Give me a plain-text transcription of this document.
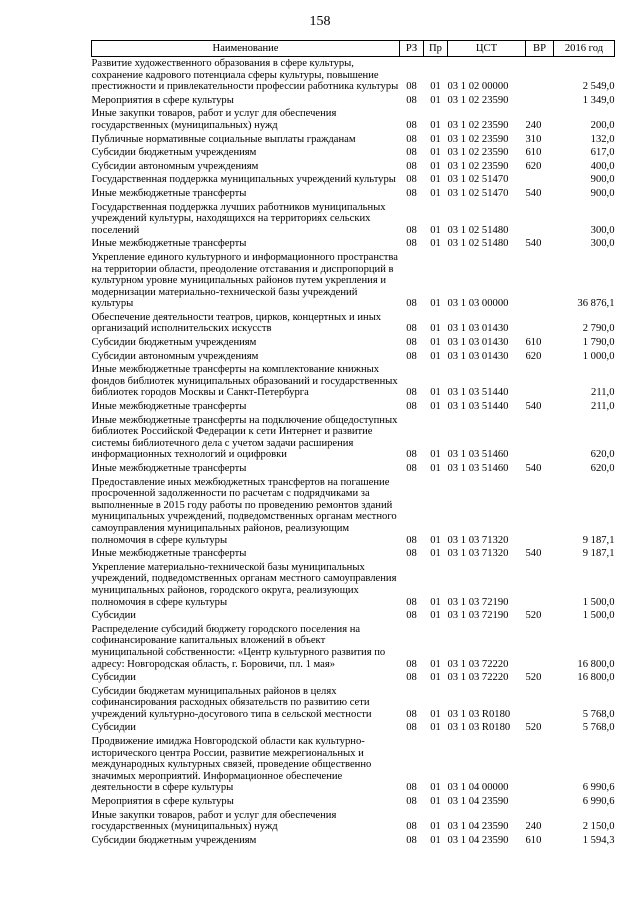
158
Наименование	РЗ	Пр	ЦСТ	ВР	2016 год
Развитие художественного образования в сфере культуры, сохранение кадрового потенциала сферы культуры, повышение престижности и привлекательности профессии работника культуры	08	01	03 1 02 00000		2 549,0
Мероприятия в сфере культуры	08	01	03 1 02 23590		1 349,0
Иные закупки товаров, работ и услуг для обеспечения государственных (муниципальных) нужд	08	01	03 1 02 23590	240	200,0
Публичные нормативные социальные выплаты гражданам	08	01	03 1 02 23590	310	132,0
Субсидии бюджетным учреждениям	08	01	03 1 02 23590	610	617,0
Субсидии автономным учреждениям	08	01	03 1 02 23590	620	400,0
Государственная поддержка муниципальных учреждений культуры	08	01	03 1 02 51470		900,0
Иные межбюджетные трансферты	08	01	03 1 02 51470	540	900,0
Государственная поддержка лучших работников муниципальных учреждений культуры, находящихся на территориях сельских поселений	08	01	03 1 02 51480		300,0
Иные межбюджетные трансферты	08	01	03 1 02 51480	540	300,0
Укрепление единого культурного и информационного пространства на территории области, преодоление отставания и диспропорций в культурном уровне муниципальных районов путем укрепления и модернизации материально-технической базы учреждений культуры	08	01	03 1 03 00000		36 876,1
Обеспечение деятельности театров, цирков, концертных и иных организаций исполнительских искусств	08	01	03 1 03 01430		2 790,0
Субсидии бюджетным учреждениям	08	01	03 1 03 01430	610	1 790,0
Субсидии автономным учреждениям	08	01	03 1 03 01430	620	1 000,0
Иные межбюджетные трансферты на комплектование книжных фондов библиотек муниципальных образований и государственных библиотек городов Москвы и Санкт-Петербурга	08	01	03 1 03 51440		211,0
Иные межбюджетные трансферты	08	01	03 1 03 51440	540	211,0
Иные межбюджетные трансферты на подключение общедоступных библиотек Российской Федерации к сети Интернет и развитие системы библиотечного дела с учетом задачи расширения информационных технологий и оцифровки	08	01	03 1 03 51460		620,0
Иные межбюджетные трансферты	08	01	03 1 03 51460	540	620,0
Предоставление иных межбюджетных трансфертов на погашение просроченной задолженности по расчетам с подрядчиками за выполненные в 2015 году работы по проведению ремонтов зданий муниципальных учреждений, подведомственных органам местного самоуправления муниципальных районов, реализующим полномочия в сфере культуры	08	01	03 1 03 71320		9 187,1
Иные межбюджетные трансферты	08	01	03 1 03 71320	540	9 187,1
Укрепление материально-технической базы муниципальных учреждений, подведомственных органам местного самоуправления муниципальных районов, городского округа, реализующих полномочия в сфере культуры	08	01	03 1 03 72190		1 500,0
Субсидии	08	01	03 1 03 72190	520	1 500,0
Распределение субсидий бюджету городского поселения на софинансирование капитальных вложений в объект муниципальной собственности: «Центр культурного развития по адресу: Новгородская область, г. Боровичи, пл. 1 мая»	08	01	03 1 03 72220		16 800,0
Субсидии	08	01	03 1 03 72220	520	16 800,0
Субсидии бюджетам муниципальных районов в целях софинансирования расходных обязательств по развитию сети учреждений культурно-досугового типа в сельской местности	08	01	03 1 03 R0180		5 768,0
Субсидии	08	01	03 1 03 R0180	520	5 768,0
Продвижение имиджа Новгородской области как культурно-исторического центра России, развитие межрегиональных и международных культурных связей, проведение общественно значимых мероприятий. Информационное обеспечение деятельности в сфере культуры	08	01	03 1 04 00000		6 990,6
Мероприятия в сфере культуры	08	01	03 1 04 23590		6 990,6
Иные закупки товаров, работ и услуг для обеспечения государственных (муниципальных) нужд	08	01	03 1 04 23590	240	2 150,0
Субсидии бюджетным учреждениям	08	01	03 1 04 23590	610	1 594,3
